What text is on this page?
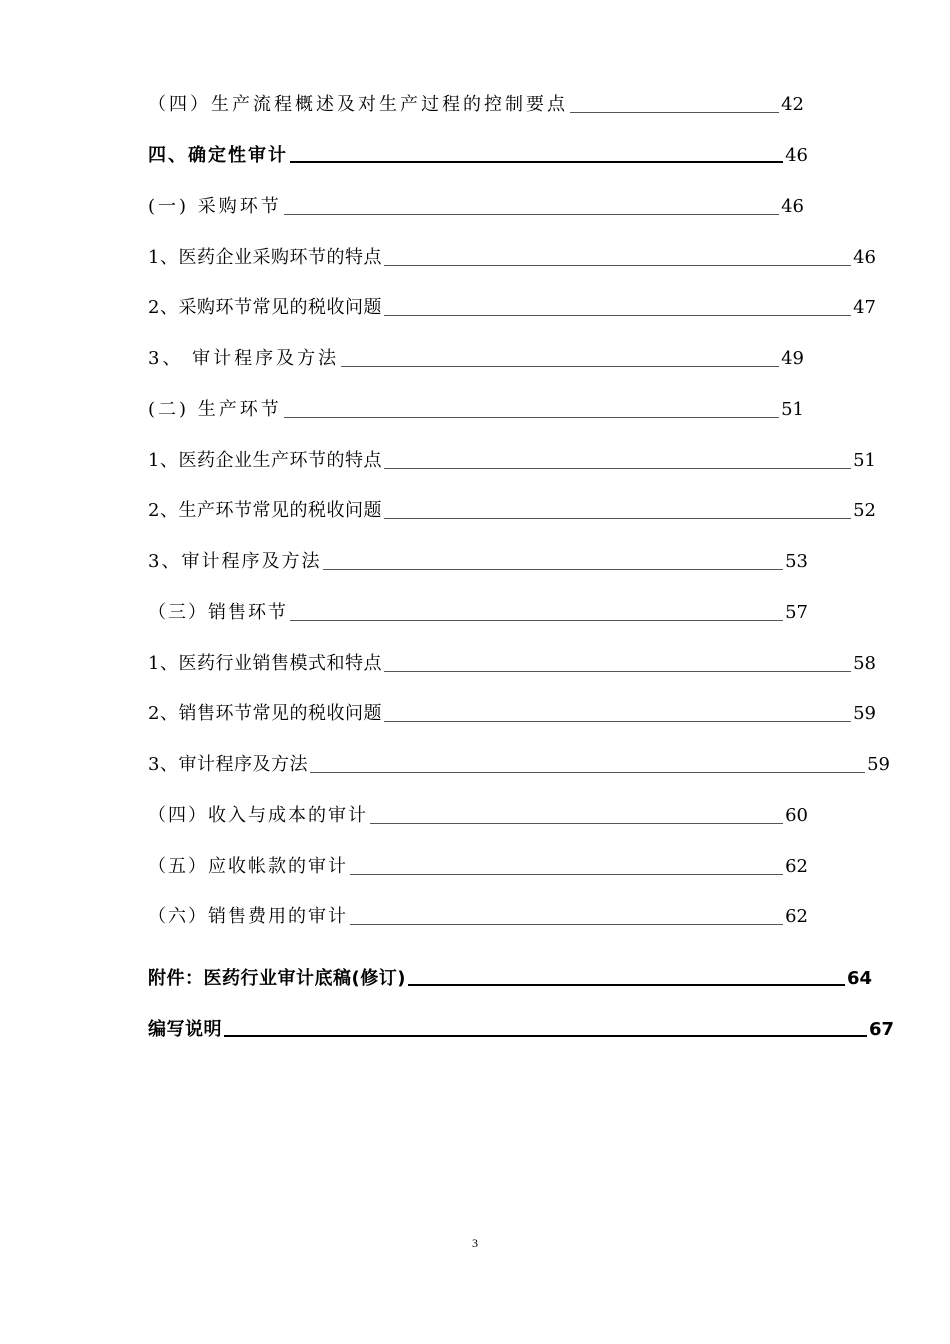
（四）生产流程概述及对生产过程的控制要点	42
四、确定性审计	46
(一) 采购环节	46
1、医药企业采购环节的特点	46
2、采购环节常见的税收问题	47
3、 审计程序及方法	49
(二) 生产环节	51
1、医药企业生产环节的特点	51
2、生产环节常见的税收问题	52
3、审计程序及方法	53
（三）销售环节	57
1、医药行业销售模式和特点	58
2、销售环节常见的税收问题	59
3、审计程序及方法	59
（四）收入与成本的审计	60
（五）应收帐款的审计	62
（六）销售费用的审计	62
附件：医药行业审计底稿(修订)	64
编写说明	67
3
